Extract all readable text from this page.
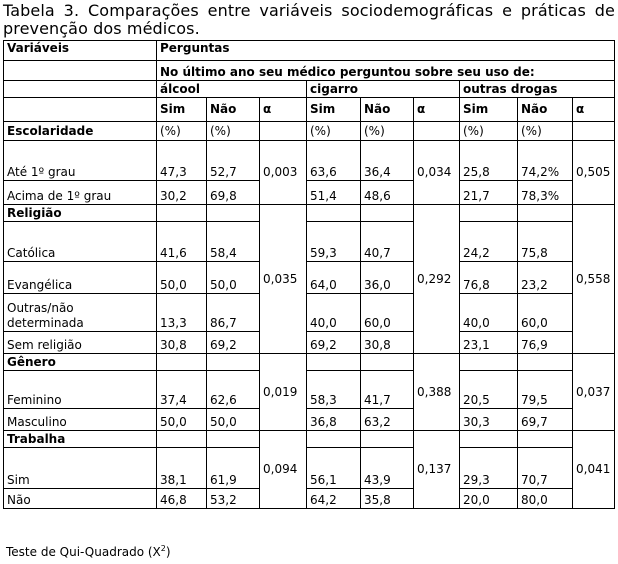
Tabela 3. Comparações entre variáveis sociodemográficas e práticas de prevenção dos médicos.
Variáveis	Perguntas								
	No último ano seu médico perguntou sobre seu uso de:								
	álcool			cigarro			outras drogas		
	Sim	Não	α	Sim	Não	α	Sim	Não	α
Escolaridade	(%)	(%)		(%)	(%)		(%)	(%)	
Até 1º grau	47,3	52,7	0,003	63,6	36,4	0,034	25,8	74,2%	0,505
Acima de 1º grau	30,2	69,8		51,4	48,6		21,7	78,3%	
Religião			0,035			0,292			0,558
Católica	41,6	58,4		59,3	40,7		24,2	75,8	
Evangélica	50,0	50,0		64,0	36,0		76,8	23,2	
Outras/não determinada	13,3	86,7		40,0	60,0		40,0	60,0	
Sem religião	30,8	69,2		69,2	30,8		23,1	76,9	
Gênero			0,019			0,388			0,037
Feminino	37,4	62,6		58,3	41,7		20,5	79,5	
Masculino	50,0	50,0		36,8	63,2		30,3	69,7	
Trabalha			0,094			0,137			0,041
Sim	38,1	61,9		56,1	43,9		29,3	70,7	
Não	46,8	53,2		64,2	35,8		20,0	80,0	
Teste de Qui-Quadrado $(X^2)$
